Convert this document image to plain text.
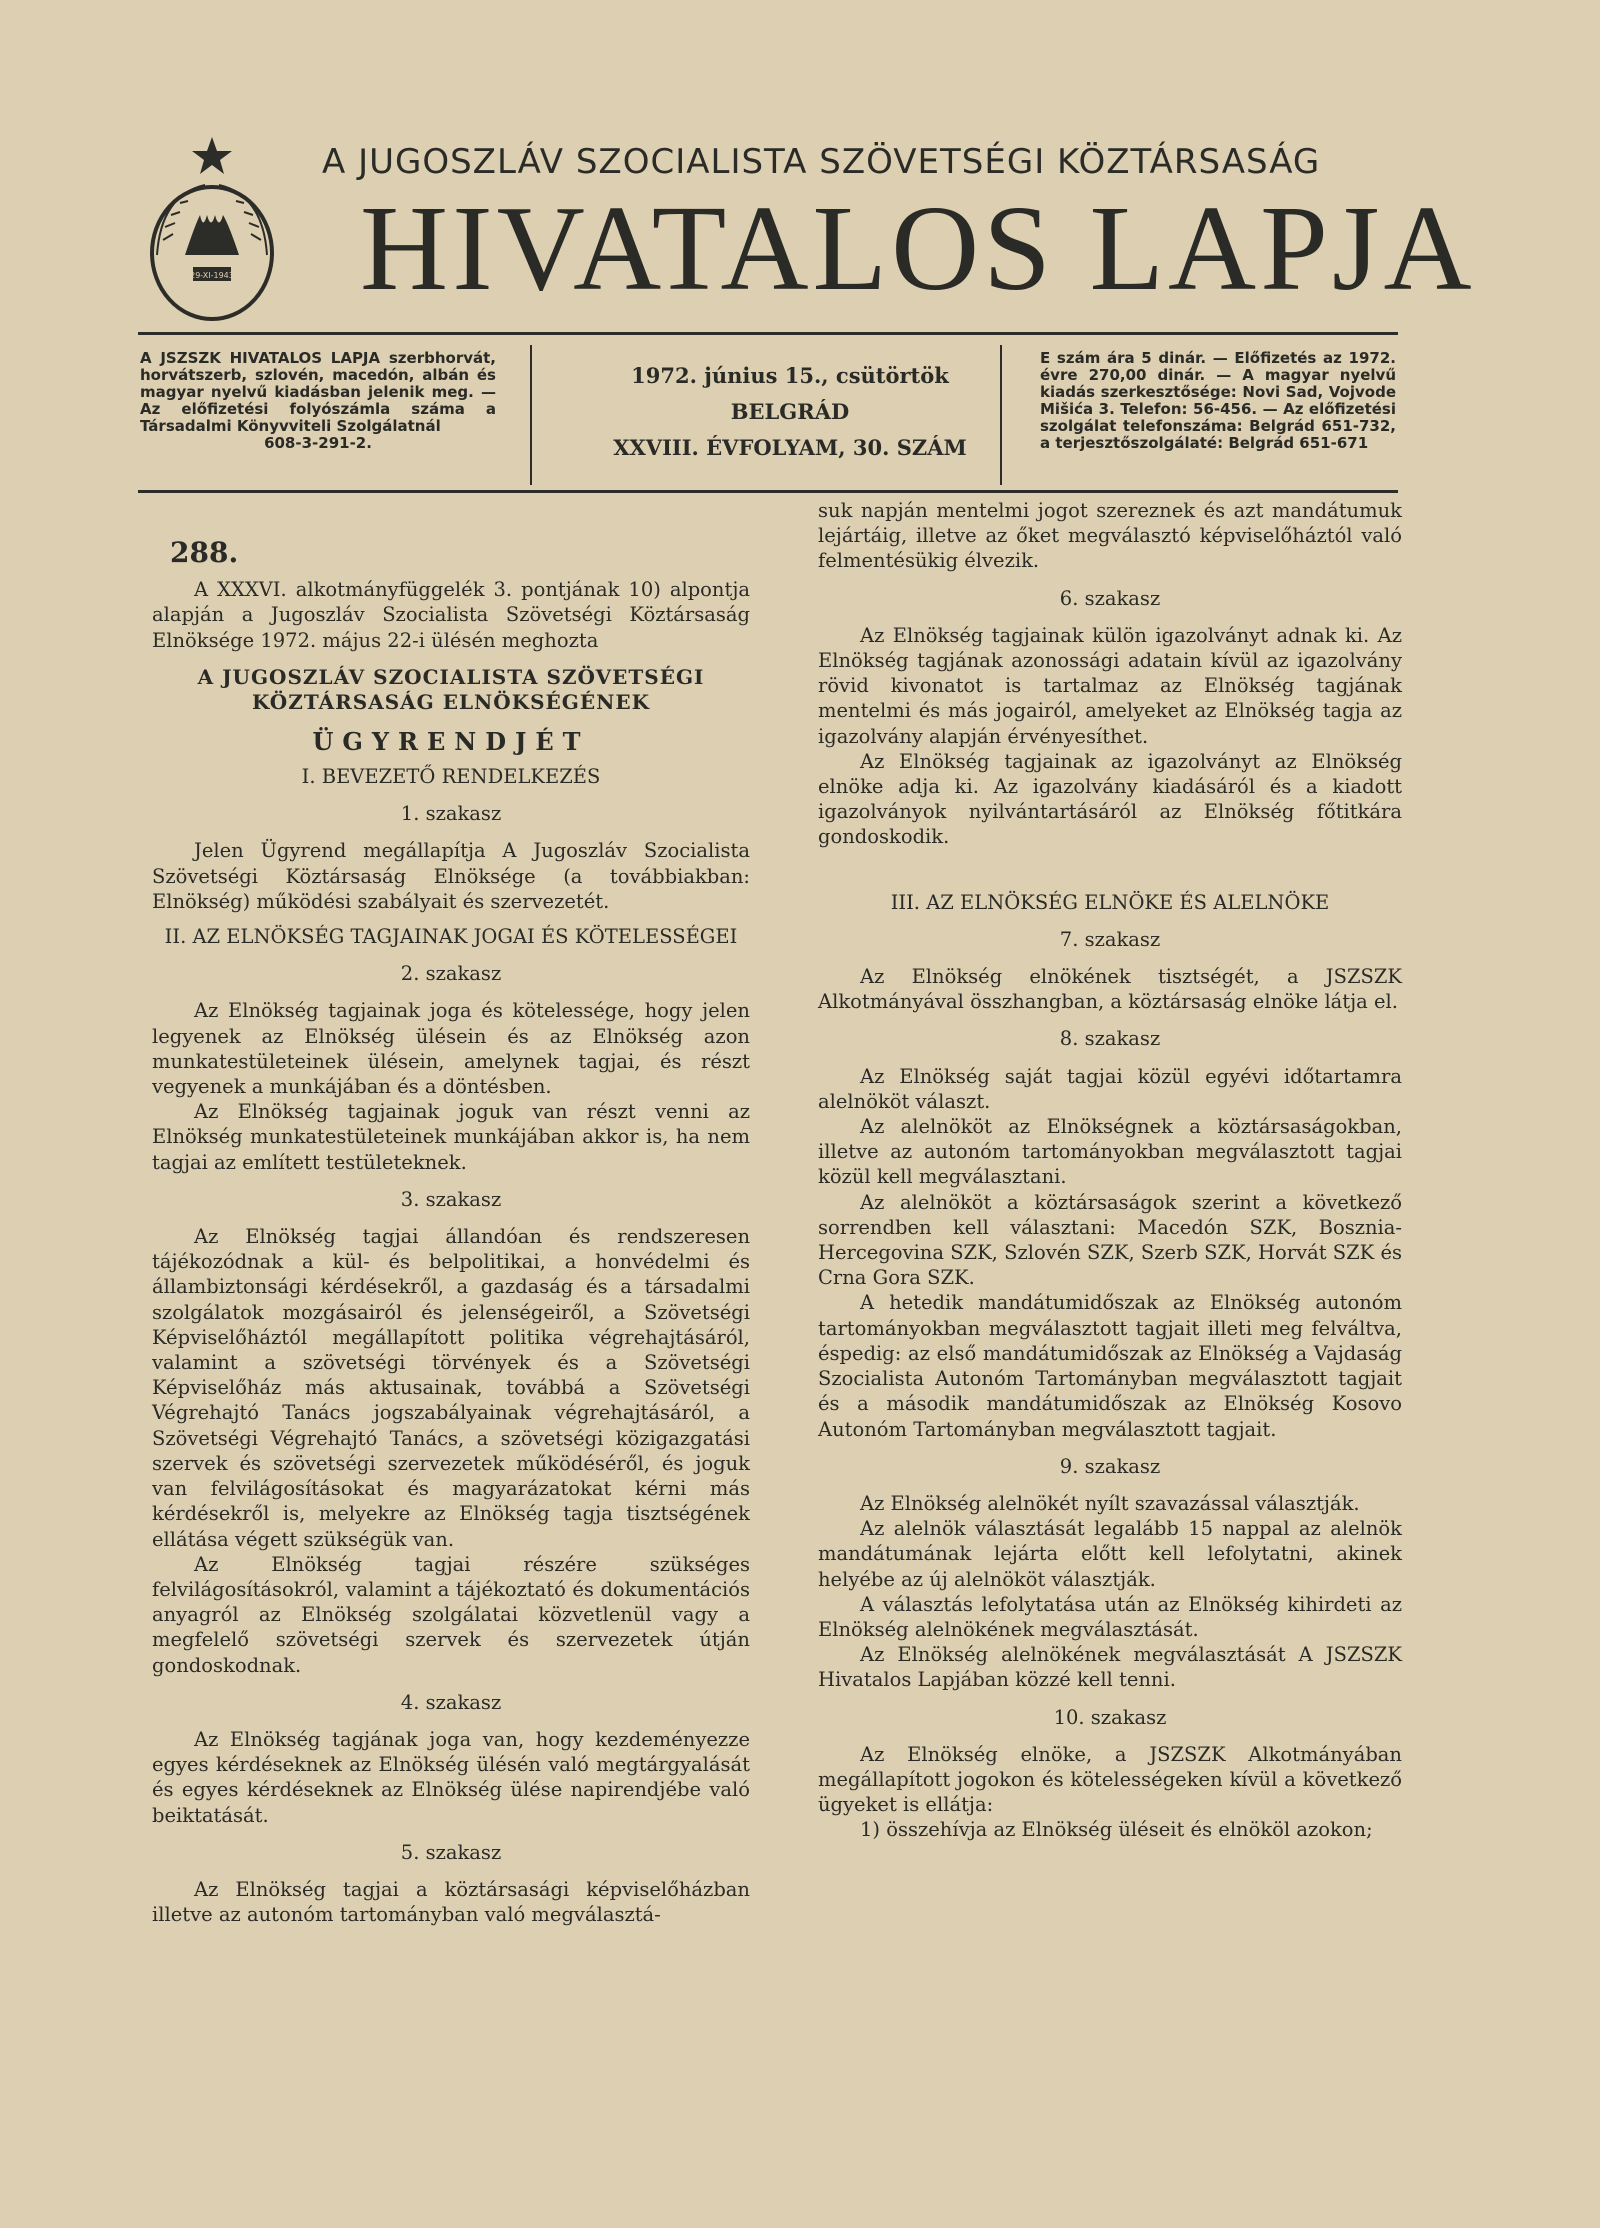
29-XI-1943
A JUGOSZLÁV SZOCIALISTA SZÖVETSÉGI KÖZTÁRSASÁG
HIVATALOS LAPJA
A JSZSZK HIVATALOS LAPJA szerbhorvát, horvátszerb, szlovén, macedón, albán és magyar nyelvű kiadásban jelenik meg. — Az előfizetési folyószámla száma a Társadalmi Könyvviteli Szolgálatnál
608-3-291-2.
1972. június 15., csütörtök
BELGRÁD
XXVIII. ÉVFOLYAM, 30. SZÁM
E szám ára 5 dinár. — Előfizetés az 1972. évre 270,00 dinár. — A magyar nyelvű kiadás szerkesztősége: Novi Sad, Vojvode Mišića 3. Telefon: 56-456. — Az előfizetési szolgálat telefonszáma: Belgrád 651-732, a terjesztőszolgálaté: Belgrád 651-671
288.

A XXXVI. alkotmányfüggelék 3. pontjának 10) alpontja alapján a Jugoszláv Szocialista Szövetségi Köztársaság Elnöksége 1972. május 22-i ülésén meghozta

A JUGOSZLÁV SZOCIALISTA SZÖVETSÉGI KÖZTÁRSASÁG ELNÖKSÉGÉNEK
ÜGYRENDJÉT
I. BEVEZETŐ RENDELKEZÉS
1. szakasz

Jelen Ügyrend megállapítja A Jugoszláv Szocialista Szövetségi Köztársaság Elnöksége (a továbbiakban: Elnökség) működési szabályait és szervezetét.

II. AZ ELNÖKSÉG TAGJAINAK JOGAI ÉS KÖTELESSÉGEI
2. szakasz

Az Elnökség tagjainak joga és kötelessége, hogy jelen legyenek az Elnökség ülésein és az Elnökség azon munkatestületeinek ülésein, amelynek tagjai, és részt vegyenek a munkájában és a döntésben.

Az Elnökség tagjainak joguk van részt venni az Elnökség munkatestületeinek munkájában akkor is, ha nem tagjai az említett testületeknek.

3. szakasz

Az Elnökség tagjai állandóan és rendszeresen tájékozódnak a kül- és belpolitikai, a honvédelmi és állambiztonsági kérdésekről, a gazdaság és a társadalmi szolgálatok mozgásairól és jelenségeiről, a Szövetségi Képviselőháztól megállapított politika végrehajtásáról, valamint a szövetségi törvények és a Szövetségi Képviselőház más aktusainak, továbbá a Szövetségi Végrehajtó Tanács jogszabályainak végrehajtásáról, a Szövetségi Végrehajtó Tanács, a szövetségi közigazgatási szervek és szövetségi szervezetek működéséről, és joguk van felvilágosításokat és magyarázatokat kérni más kérdésekről is, melyekre az Elnökség tagja tisztségének ellátása végett szükségük van.

Az Elnökség tagjai részére szükséges felvilágosításokról, valamint a tájékoztató és dokumentációs anyagról az Elnökség szolgálatai közvetlenül vagy a megfelelő szövetségi szervek és szervezetek útján gondoskodnak.

4. szakasz

Az Elnökség tagjának joga van, hogy kezdeményezze egyes kérdéseknek az Elnökség ülésén való megtárgyalását és egyes kérdéseknek az Elnökség ülése napirendjébe való beiktatását.

5. szakasz

Az Elnökség tagjai a köztársasági képviselőházban illetve az autonóm tartományban való megválasztá-

suk napján mentelmi jogot szereznek és azt mandátumuk lejártáig, illetve az őket megválasztó képviselőháztól való felmentésükig élvezik.

6. szakasz

Az Elnökség tagjainak külön igazolványt adnak ki. Az Elnökség tagjának azonossági adatain kívül az igazolvány rövid kivonatot is tartalmaz az Elnökség tagjának mentelmi és más jogairól, amelyeket az Elnökség tagja az igazolvány alapján érvényesíthet.

Az Elnökség tagjainak az igazolványt az Elnökség elnöke adja ki. Az igazolvány kiadásáról és a kiadott igazolványok nyilvántartásáról az Elnökség főtitkára gondoskodik.

III. AZ ELNÖKSÉG ELNÖKE ÉS ALELNÖKE
7. szakasz

Az Elnökség elnökének tisztségét, a JSZSZK Alkotmányával összhangban, a köztársaság elnöke látja el.

8. szakasz

Az Elnökség saját tagjai közül egyévi időtartamra alelnököt választ.

Az alelnököt az Elnökségnek a köztársaságokban, illetve az autonóm tartományokban megválasztott tagjai közül kell megválasztani.

Az alelnököt a köztársaságok szerint a következő sorrendben kell választani: Macedón SZK, Bosznia-Hercegovina SZK, Szlovén SZK, Szerb SZK, Horvát SZK és Crna Gora SZK.

A hetedik mandátumidőszak az Elnökség autonóm tartományokban megválasztott tagjait illeti meg felváltva, éspedig: az első mandátumidőszak az Elnökség a Vajdaság Szocialista Autonóm Tartományban megválasztott tagjait és a második mandátumidőszak az Elnökség Kosovo Autonóm Tartományban megválasztott tagjait.

9. szakasz

Az Elnökség alelnökét nyílt szavazással választják.

Az alelnök választását legalább 15 nappal az alelnök mandátumának lejárta előtt kell lefolytatni, akinek helyébe az új alelnököt választják.

A választás lefolytatása után az Elnökség kihirdeti az Elnökség alelnökének megválasztását.

Az Elnökség alelnökének megválasztását A JSZSZK Hivatalos Lapjában közzé kell tenni.

10. szakasz

Az Elnökség elnöke, a JSZSZK Alkotmányában megállapított jogokon és kötelességeken kívül a következő ügyeket is ellátja:

1) összehívja az Elnökség üléseit és elnököl azokon;
